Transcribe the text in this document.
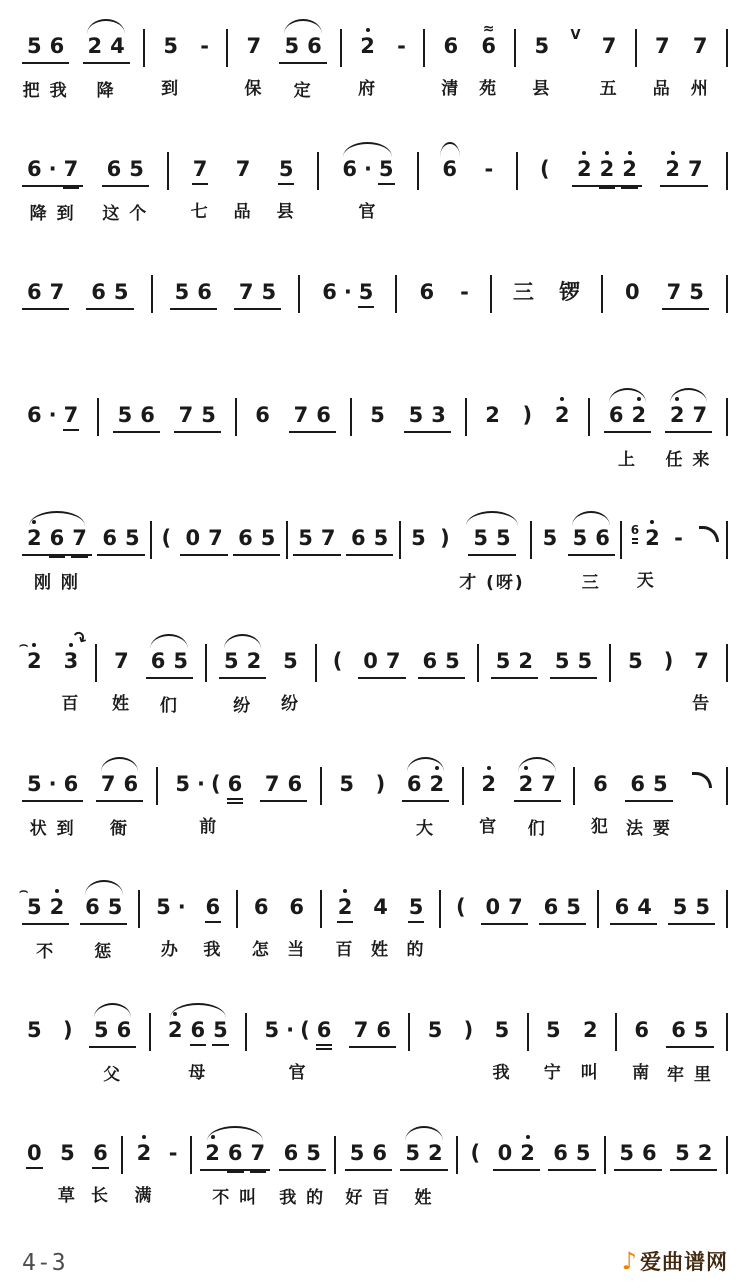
5 6
把 我
2 4
降
5
到
- 7
保
5 6
定
2
府
- 6
清
6 ≈
苑
5
县
V 7
五
7
品
7
州
6 · 7
降 到
6 5
这 个
7
七
7
品
5
县
6 · 5
官
6 - ( 2 2 2 2 7
6 7 6 5 5 6 7 5 6 · 5 6 - 三 锣 0 7 5
6 · 7 5 6 7 5 6 7 6 5 5 3 2 ) 2 6 2
上
2 7
任 来
2 6 7
刚 刚
6 5 ( 0 7 6 5 5 7 6 5 5 ) 5 5
才 (呀)
5 5 6
三
6 2
天
-
2 ⌢ 3 ↷
百
7
姓
6 5
们
5 2
纷
5
纷
( 0 7 6 5 5 2 5 5 5 ) 7
告
5 · 6
状 到
7 6
衙
5 · ( 6
前
7 6 5 ) 6 2
大
2
官
2 7
们
6
犯
6 5
法 要
5 ⌢ 2
不
6 5
惩
5 ·
办
6
我
6
怎
6
当
2
百
4
姓
5
的
( 0 7 6 5 6 4 5 5
5 ) 5 6
父
2 6 5
母
5 · ( 6
官
7 6 5 ) 5
我
5
宁
2
叫
6
南
6 5
牢 里
0 5
草
6
长
2
满
- 2 6 7
不 叫
6 5
我 的
5 6
好 百
5 2
姓
( 0 2 6 5 5 6 5 2
4-3	♪ 爱曲谱网
